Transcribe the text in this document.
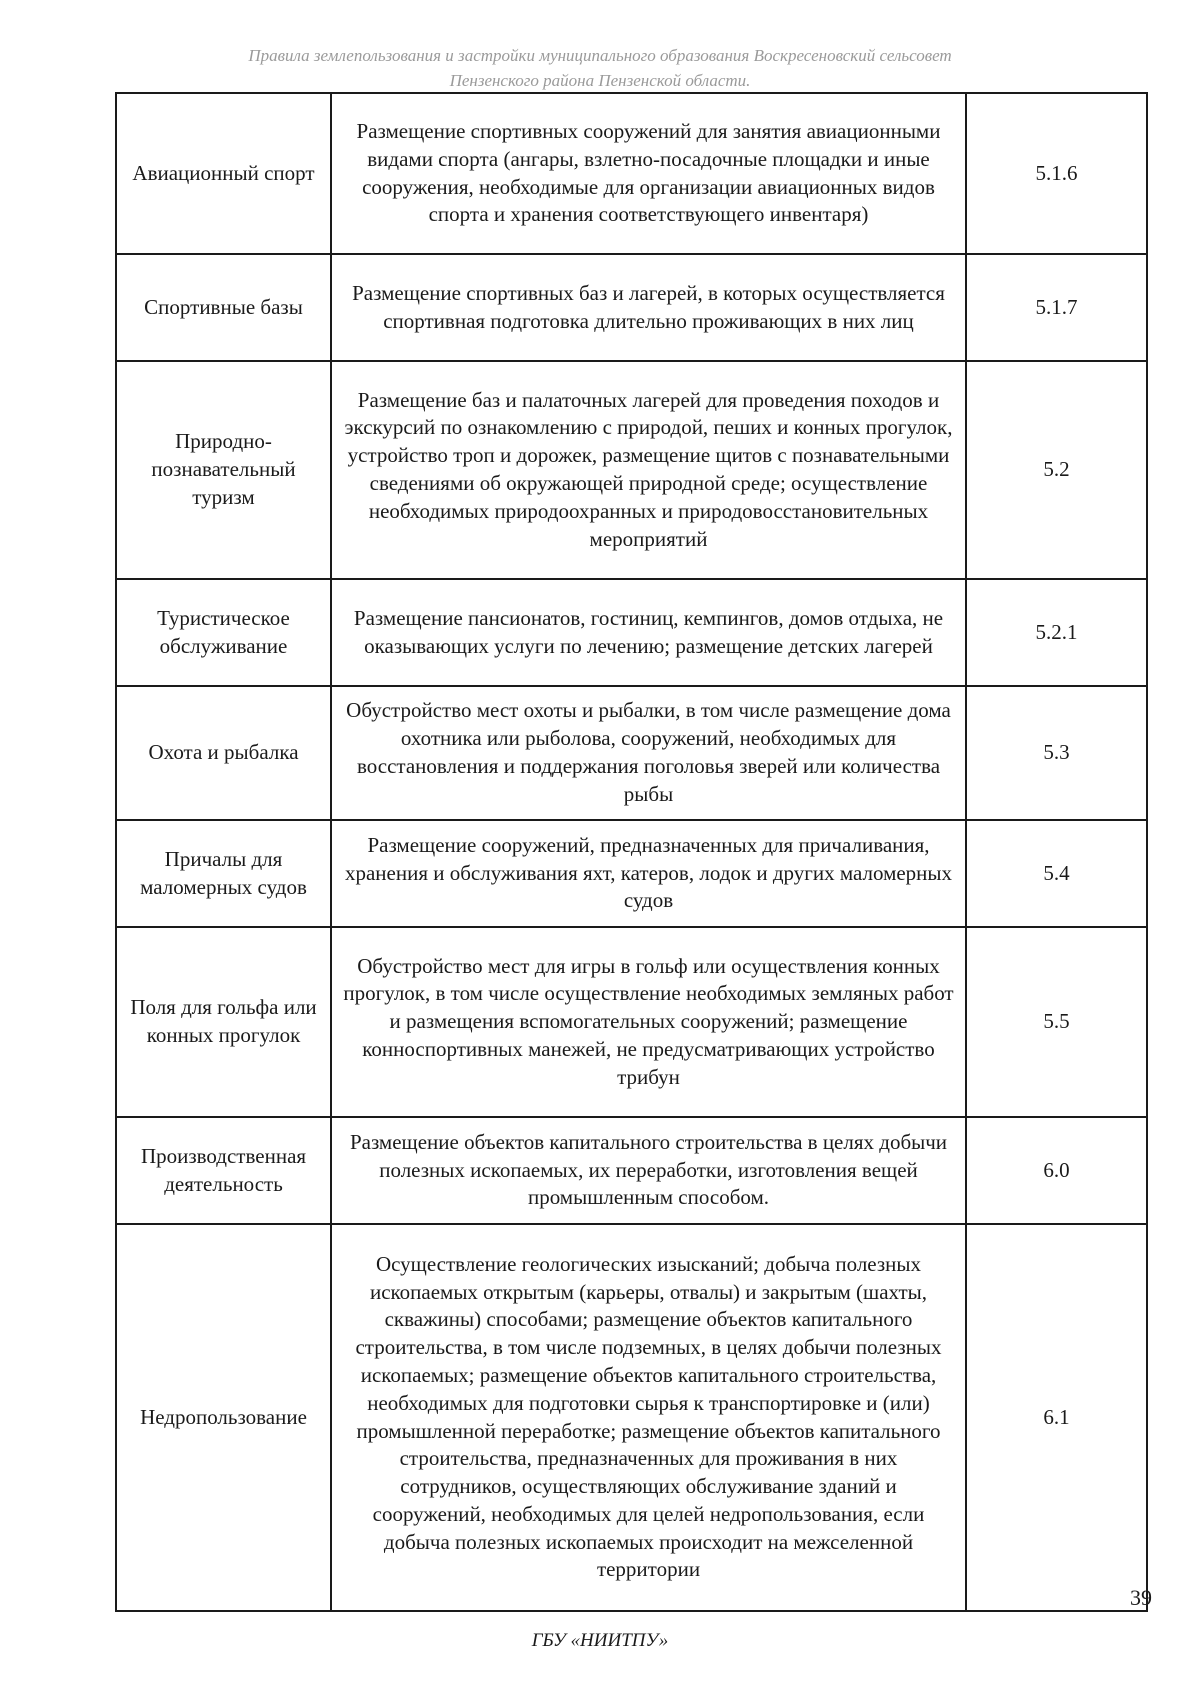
Правила землепользования и застройки муниципального образования Воскресеновский сельсовет
Пензенского района Пензенской области.
Авиационный спорт	Размещение спортивных сооружений для занятия авиационными видами спорта (ангары, взлетно-посадочные площадки и иные сооружения, необходимые для организации авиационных видов спорта и хранения соответствующего инвентаря)	5.1.6
Спортивные базы	Размещение спортивных баз и лагерей, в которых осуществляется спортивная подготовка длительно проживающих в них лиц	5.1.7
Природно-познавательный туризм	Размещение баз и палаточных лагерей для проведения походов и экскурсий по ознакомлению с природой, пеших и конных прогулок, устройство троп и дорожек, размещение щитов с познавательными сведениями об окружающей природной среде; осуществление необходимых природоохранных и природовосстановительных мероприятий	5.2
Туристическое обслуживание	Размещение пансионатов, гостиниц, кемпингов, домов отдыха, не оказывающих услуги по лечению; размещение детских лагерей	5.2.1
Охота и рыбалка	Обустройство мест охоты и рыбалки, в том числе размещение дома охотника или рыболова, сооружений, необходимых для восстановления и поддержания поголовья зверей или количества рыбы	5.3
Причалы для маломерных судов	Размещение сооружений, предназначенных для причаливания, хранения и обслуживания яхт, катеров, лодок и других маломерных судов	5.4
Поля для гольфа или конных прогулок	Обустройство мест для игры в гольф или осуществления конных прогулок, в том числе осуществление необходимых земляных работ и размещения вспомогательных сооружений; размещение конноспортивных манежей, не предусматривающих устройство трибун	5.5
Производственная деятельность	Размещение объектов капитального строительства в целях добычи полезных ископаемых, их переработки, изготовления вещей промышленным способом.	6.0
Недропользование	Осуществление геологических изысканий; добыча полезных ископаемых открытым (карьеры, отвалы) и закрытым (шахты, скважины) способами; размещение объектов капитального строительства, в том числе подземных, в целях добычи полезных ископаемых; размещение объектов капитального строительства, необходимых для подготовки сырья к транспортировке и (или) промышленной переработке; размещение объектов капитального строительства, предназначенных для проживания в них сотрудников, осуществляющих обслуживание зданий и сооружений, необходимых для целей недропользования, если добыча полезных ископаемых происходит на межселенной территории	6.1
39
ГБУ «НИИТПУ»
